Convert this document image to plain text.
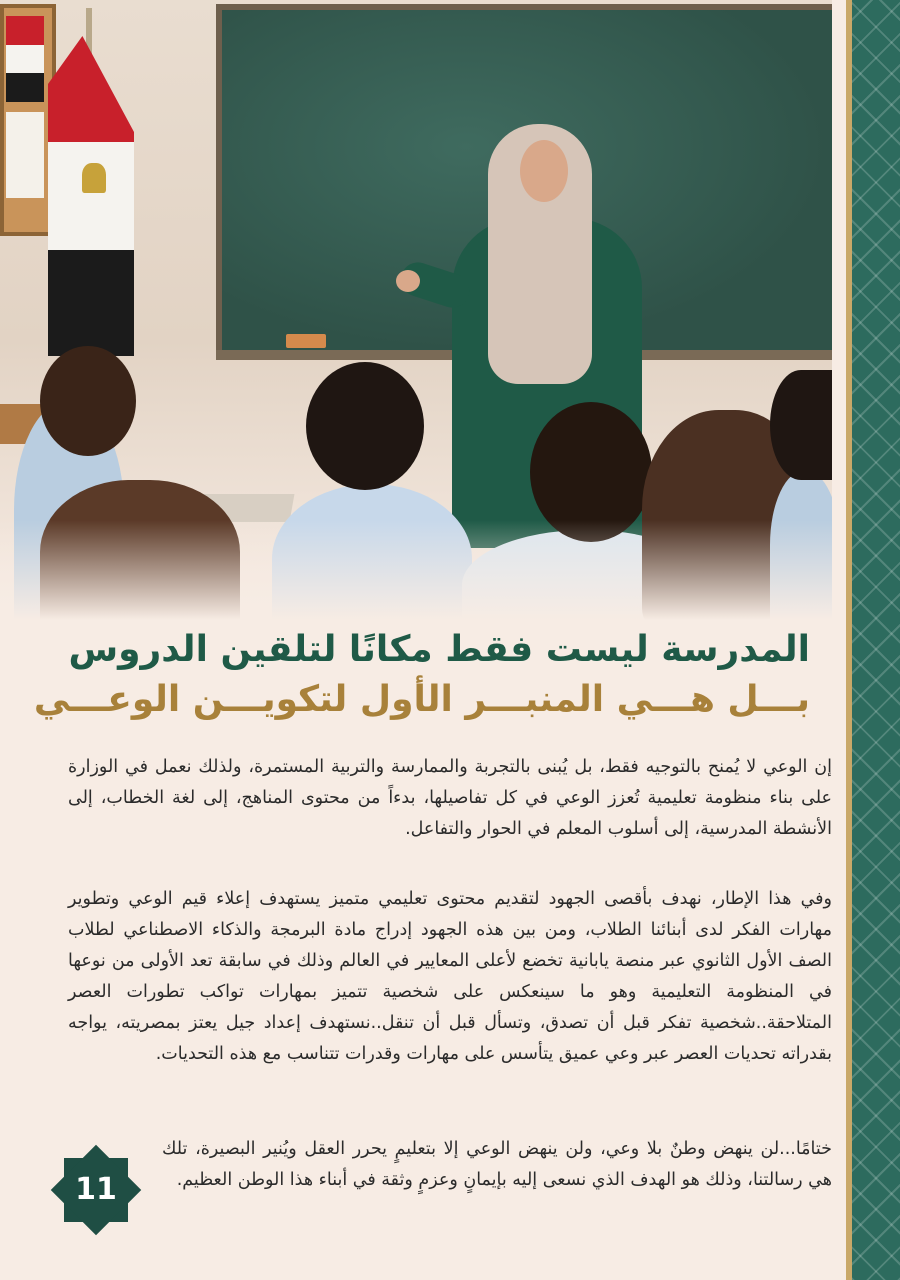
المدرسة ليست فقط مكانًا لتلقين الدروس
بـــل هـــي المنبـــر الأول لتكويـــن الوعـــي

إن الوعي لا يُمنح بالتوجيه فقط، بل يُبنى بالتجربة والممارسة والتربية المستمرة، ولذلك نعمل في الوزارة على بناء منظومة تعليمية تُعزز الوعي في كل تفاصيلها، بدءاً من محتوى المناهج، إلى لغة الخطاب، إلى الأنشطة المدرسية، إلى أسلوب المعلم في الحوار والتفاعل.

وفي هذا الإطار، نهدف بأقصى الجهود لتقديم محتوى تعليمي متميز يستهدف إعلاء قيم الوعي وتطوير مهارات الفكر لدى أبنائنا الطلاب، ومن بين هذه الجهود إدراج مادة البرمجة والذكاء الاصطناعي لطلاب الصف الأول الثانوي عبر منصة يابانية تخضع لأعلى المعايير في العالم وذلك في سابقة تعد الأولى من نوعها في المنظومة التعليمية وهو ما سينعكس على شخصية تتميز بمهارات تواكب تطورات العصر المتلاحقة..شخصية تفكر قبل أن تصدق، وتسأل قبل أن تنقل..نستهدف إعداد جيل يعتز بمصريته، يواجه بقدراته تحديات العصر عبر وعي عميق يتأسس على مهارات وقدرات تتناسب مع هذه التحديات.

ختامًا...لن ينهض وطنٌ بلا وعي، ولن ينهض الوعي إلا بتعليمٍ يحرر العقل ويُنير البصيرة، تلك هي رسالتنا، وذلك هو الهدف الذي نسعى إليه بإيمانٍ وعزمٍ وثقة في أبناء هذا الوطن العظيم.

11
